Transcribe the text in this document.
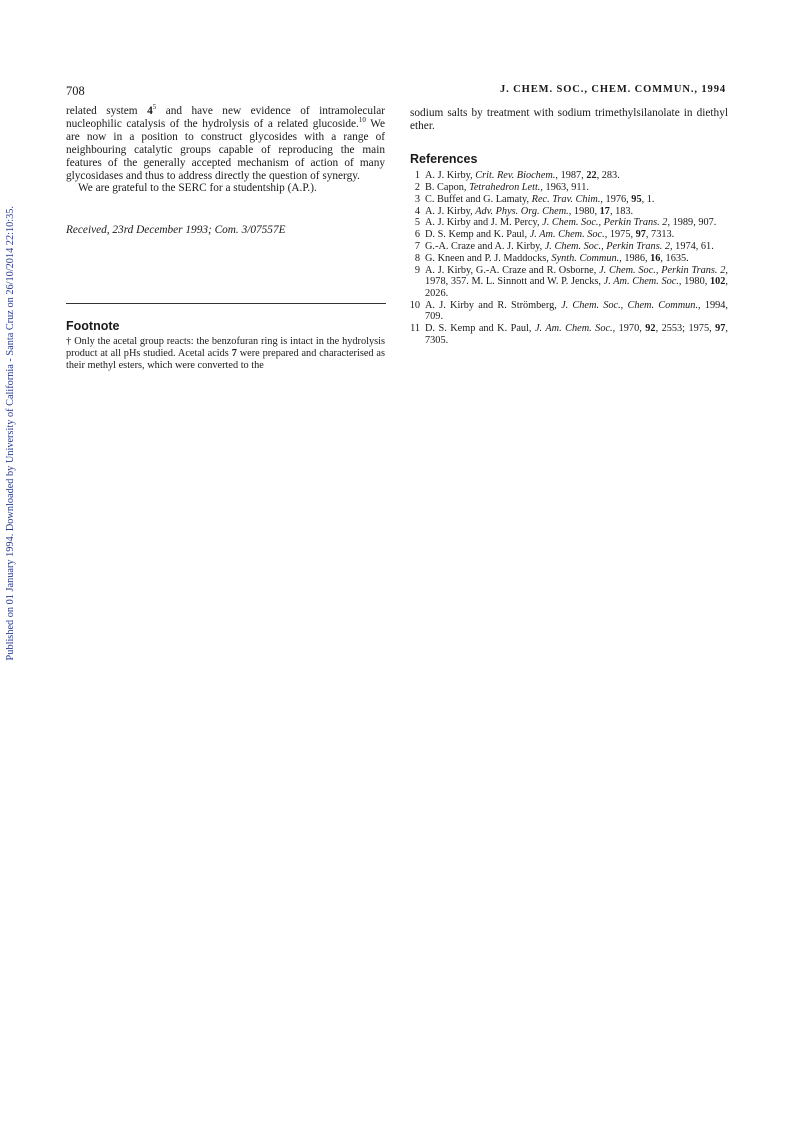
Published on 01 January 1994. Downloaded by University of California - Santa Cruz on 26/10/2014 22:10:35.
708	J. CHEM. SOC., CHEM. COMMUN., 1994

related system $4^5$ and have new evidence of intramolecular nucleophilic catalysis of the hydrolysis of a related glucoside.$^{10}$ We are now in a position to construct glycosides with a range of neighbouring catalytic groups capable of reproducing the main features of the generally accepted mechanism of action of many glycosidases and thus to address directly the question of synergy.

We are grateful to the SERC for a studentship (A.P.).

Received, 23rd December 1993; Com. 3/07557E
Footnote
† Only the acetal group reacts: the benzofuran ring is intact in the hydrolysis product at all pHs studied. Acetal acids 7 were prepared and characterised as their methyl esters, which were converted to the

sodium salts by treatment with sodium trimethylsilanolate in diethyl ether.

References
1 A. J. Kirby, Crit. Rev. Biochem., 1987, 22, 283.
2 B. Capon, Tetrahedron Lett., 1963, 911.
3 C. Buffet and G. Lamaty, Rec. Trav. Chim., 1976, 95, 1.
4 A. J. Kirby, Adv. Phys. Org. Chem., 1980, 17, 183.
5 A. J. Kirby and J. M. Percy, J. Chem. Soc., Perkin Trans. 2, 1989, 907.
6 D. S. Kemp and K. Paul, J. Am. Chem. Soc., 1975, 97, 7313.
7 G.-A. Craze and A. J. Kirby, J. Chem. Soc., Perkin Trans. 2, 1974, 61.
8 G. Kneen and P. J. Maddocks, Synth. Commun., 1986, 16, 1635.
9 A. J. Kirby, G.-A. Craze and R. Osborne, J. Chem. Soc., Perkin Trans. 2, 1978, 357. M. L. Sinnott and W. P. Jencks, J. Am. Chem. Soc., 1980, 102, 2026.
10 A. J. Kirby and R. Strömberg, J. Chem. Soc., Chem. Commun., 1994, 709.
11 D. S. Kemp and K. Paul, J. Am. Chem. Soc., 1970, 92, 2553; 1975, 97, 7305.
